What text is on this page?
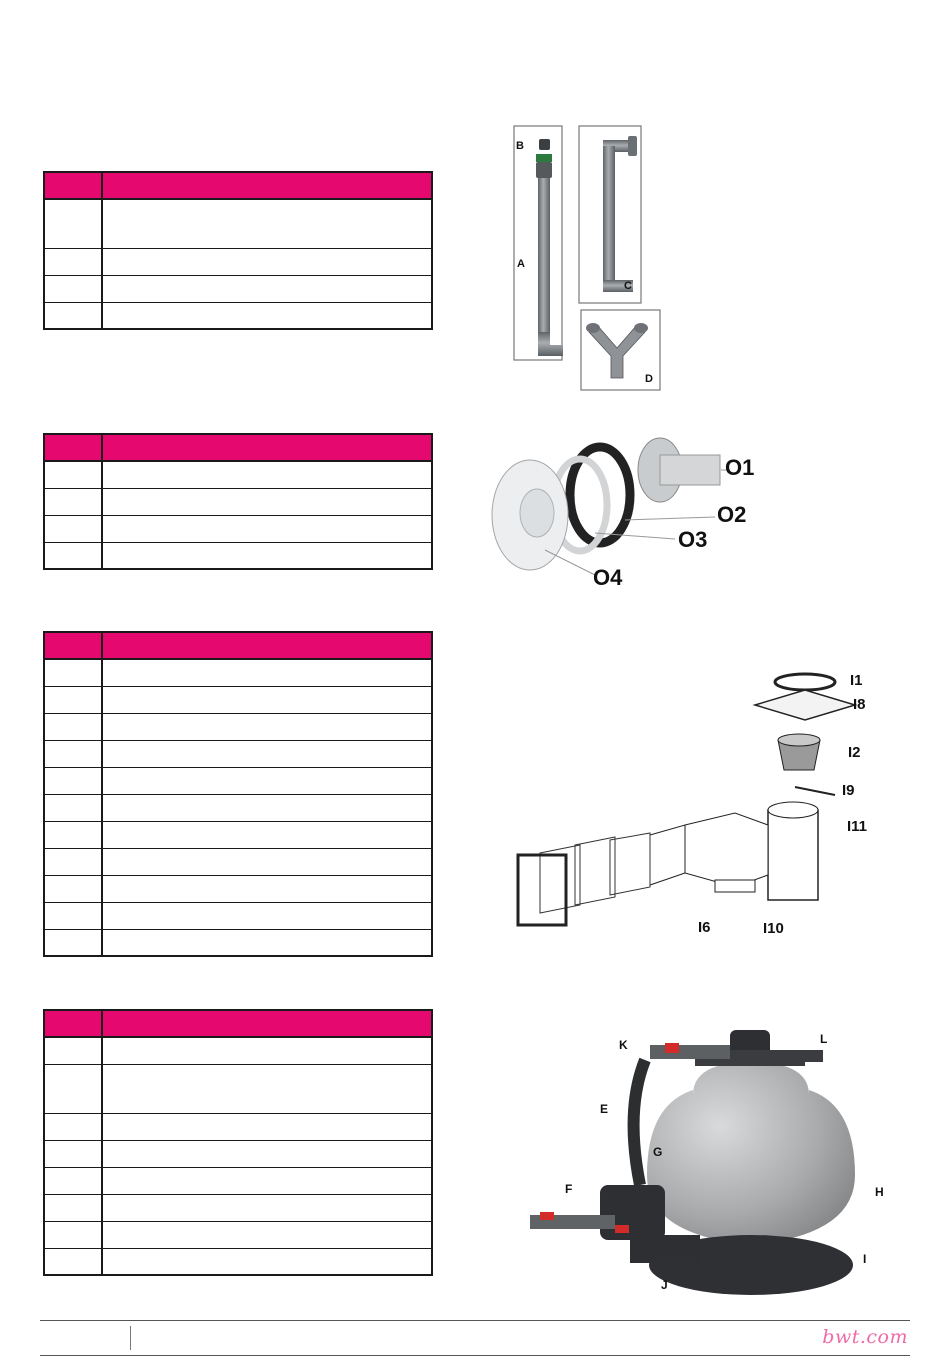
B
A
C
D
O1
O2
O3
O4
I1
I8
I2
I9
I11
I6	I10
K	L
E
G
F	H
I
J
bwt.com
